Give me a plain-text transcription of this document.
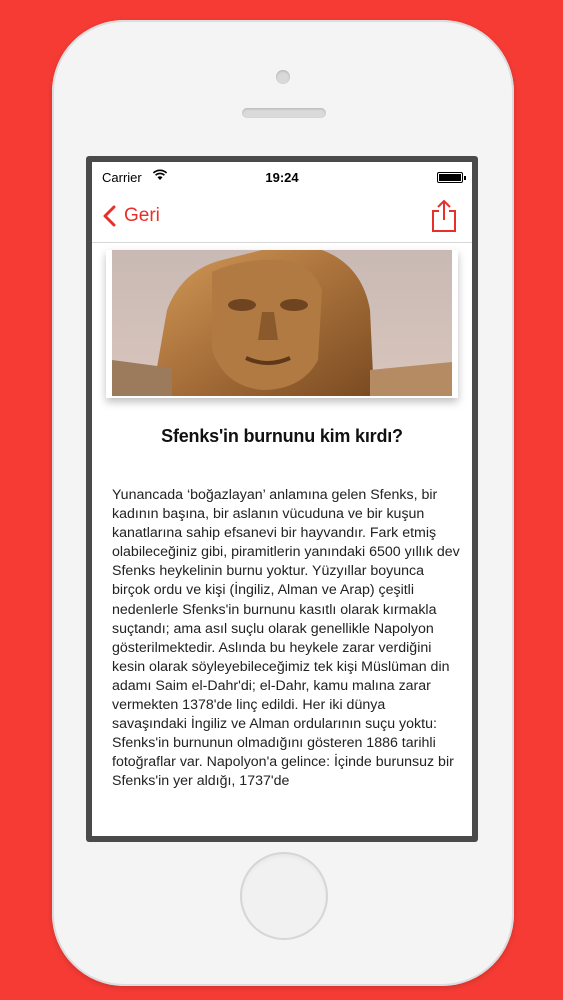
Carrier	19:24
Geri
Sfenks'in burnunu kim kırdı?
Yunancada ‘boğazlayan’ anlamına gelen Sfenks, bir kadının başına, bir aslanın vücuduna ve bir kuşun kanatlarına sahip efsanevi bir hayvandır. Fark etmiş olabileceğiniz gibi, piramitlerin yanındaki 6500 yıllık dev Sfenks heykelinin burnu yoktur. Yüzyıllar boyunca birçok ordu ve kişi (İngiliz, Alman ve Arap) çeşitli nedenlerle Sfenks'in burnunu kasıtlı olarak kırmakla suçtandı; ama asıl suçlu olarak genellikle Napolyon gösterilmektedir. Aslında bu heykele zarar verdiğini kesin olarak söyleyebileceğimiz tek kişi Müslüman din adamı Saim el-Dahr'di; el-Dahr, kamu malına zarar vermekten 1378'de linç edildi. Her iki dünya savaşındaki İngiliz ve Alman ordularının suçu yoktu: Sfenks'in burnunun olmadığını gösteren 1886 tarihli fotoğraflar var. Napolyon'a gelince: İçinde burunsuz bir Sfenks'in yer aldığı, 1737'de
